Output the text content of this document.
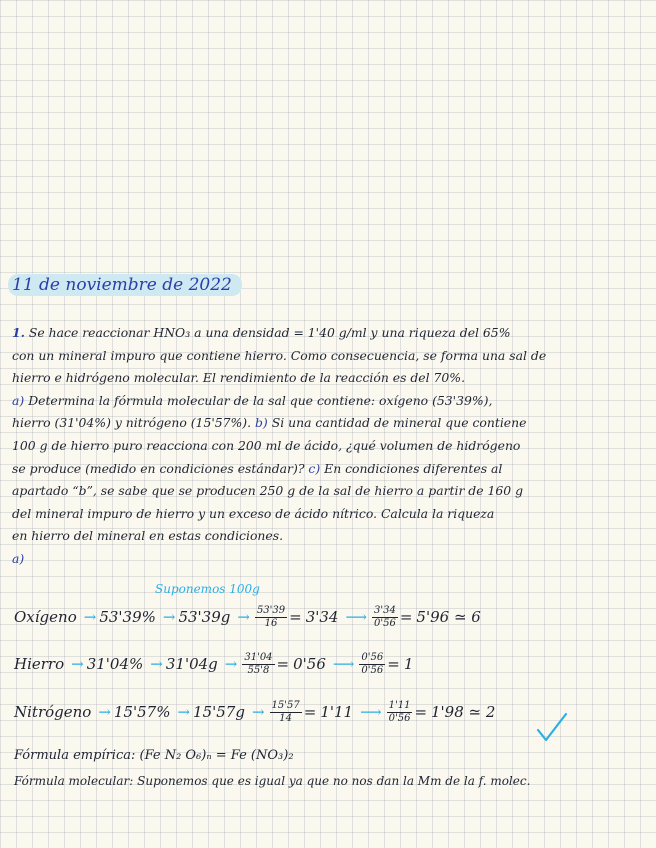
11 de noviembre de 2022
1. Se hace reaccionar HNO₃ a una densidad = 1'40 g/ml y una riqueza del 65%
con un mineral impuro que contiene hierro. Como consecuencia, se forma una sal de
hierro e hidrógeno molecular. El rendimiento de la reacción es del 70%.
a) Determina la fórmula molecular de la sal que contiene: oxígeno (53'39%),
hierro (31'04%) y nitrógeno (15'57%). b) Si una cantidad de mineral que contiene
100 g de hierro puro reacciona con 200 ml de ácido, ¿qué volumen de hidrógeno
se produce (medido en condiciones estándar)? c) En condiciones diferentes al
apartado “b”, se sabe que se producen 250 g de la sal de hierro a partir de 160 g
del mineral impuro de hierro y un exceso de ácido nítrico. Calcula la riqueza
en hierro del mineral en estas condiciones.
a)
Suponemos 100g
Oxígeno → $53'39\% \to 53'39g \to \frac{53'39}{16} = 3'34$ ⟶ $\frac{3'34}{0'56} = 5'96$ ≃ 6
Hierro → $31'04\% \to 31'04g \to \frac{31'04}{55'8} = 0'56$ ⟶ $\frac{0'56}{0'56} = 1$
Nitrógeno → $15'57\% \to 15'57g \to \frac{15'57}{14} = 1'11$ ⟶ $\frac{1'11}{0'56} = 1'98$ ≃ 2
Fórmula empírica: (Fe N₂ O₆)ₙ = Fe (NO₃)₂
Fórmula molecular: Suponemos que es igual ya que no nos dan la Mm de la f. molec.
